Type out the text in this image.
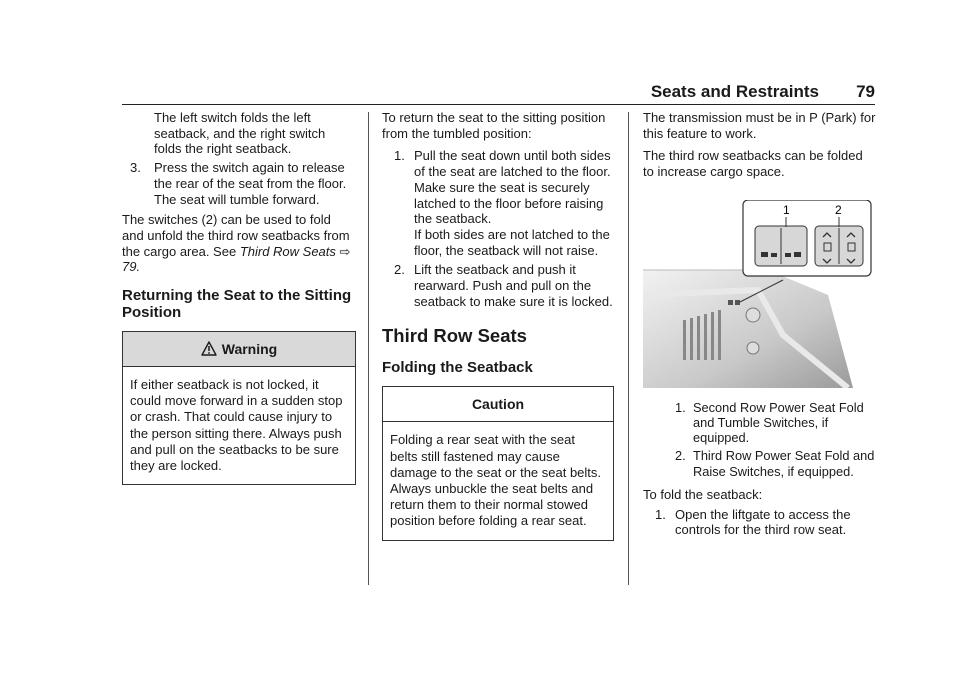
Seats and Restraints 79

The left switch folds the left seatback, and the right switch folds the right seatback.

3. Press the switch again to release the rear of the seat from the floor. The seat will tumble forward.

The switches (2) can be used to fold and unfold the third row seatbacks from the cargo area. See Third Row Seats ⇨ 79.

Returning the Seat to the Sitting Position
Warning
If either seatback is not locked, it could move forward in a sudden stop or crash. That could cause injury to the person sitting there. Always push and pull on the seatbacks to be sure they are locked.

To return the seat to the sitting position from the tumbled position:

1. Pull the seat down until both sides of the seat are latched to the floor. Make sure the seat is securely latched to the floor before raising the seatback.
If both sides are not latched to the floor, the seatback will not raise.
2. Lift the seatback and push it rearward. Push and pull on the seatback to make sure it is locked.
Third Row Seats
Folding the Seatback
Caution
Folding a rear seat with the seat belts still fastened may cause damage to the seat or the seat belts. Always unbuckle the seat belts and return them to their normal stowed position before folding a rear seat.

The transmission must be in P (Park) for this feature to work.

The third row seatbacks can be folded to increase cargo space.

1	2
1. Second Row Power Seat Fold and Tumble Switches, if equipped.
2. Third Row Power Seat Fold and Raise Switches, if equipped.

To fold the seatback:

1. Open the liftgate to access the controls for the third row seat.
